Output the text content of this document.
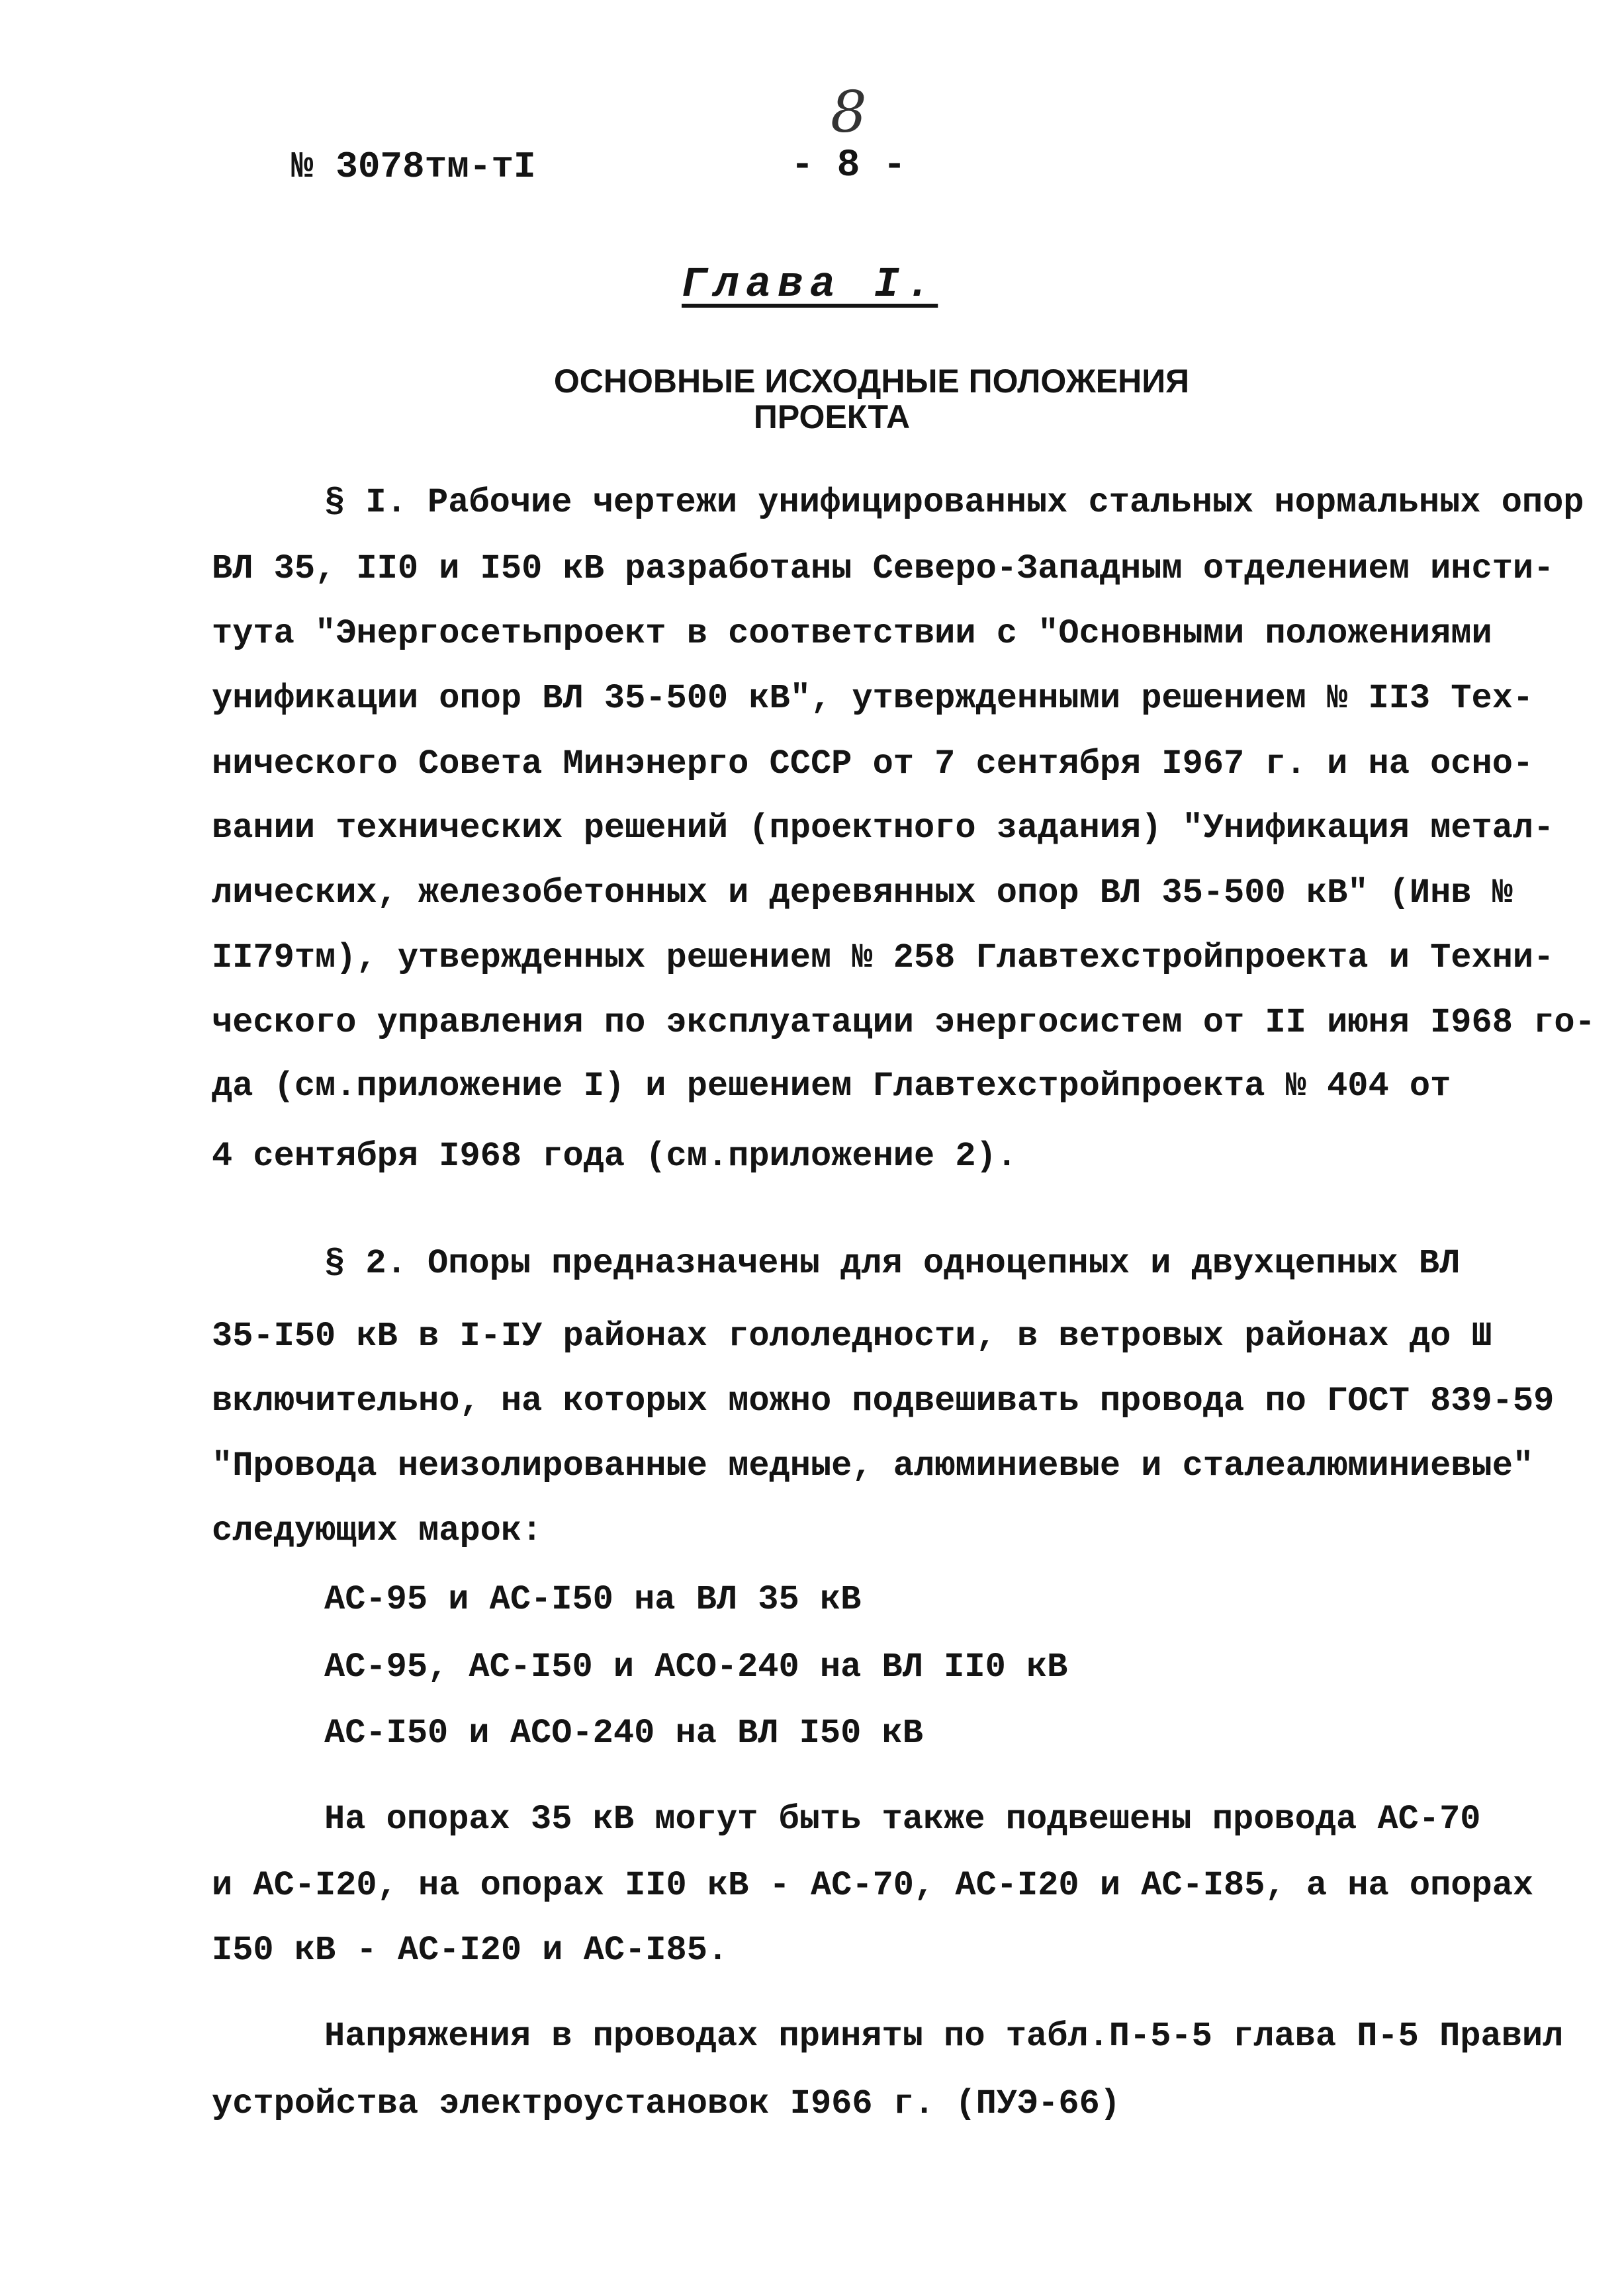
8
№ 3078тм-тI	- 8 -
Глава I.
ОСНОВНЫЕ ИСХОДНЫЕ ПОЛОЖЕНИЯ
ПРОЕКТА
§ I. Рабочие чертежи унифицированных стальных нормальных опор
ВЛ 35, II0 и I50 кВ разработаны Северо-Западным отделением инсти-
тута "Энергосетьпроект в соответствии с "Основными положениями
унификации опор ВЛ 35-500 кВ", утвержденными решением № II3 Тех-
нического Совета Минэнерго СССР от 7 сентября I967 г. и на осно-
вании технических решений (проектного задания) "Унификация метал-
лических, железобетонных и деревянных опор ВЛ 35-500 кВ" (Инв №
II79тм), утвержденных решением № 258 Главтехстройпроекта и Техни-
ческого управления по эксплуатации энергосистем от II июня I968 го-
да (см.приложение I) и решением Главтехстройпроекта № 404 от
4 сентября I968 года (см.приложение 2).
§ 2. Опоры предназначены для одноцепных и двухцепных ВЛ
35-I50 кВ в I-IУ районах гололедности, в ветровых районах до Ш
включительно, на которых можно подвешивать провода по ГОСТ 839-59
"Провода неизолированные медные, алюминиевые и сталеалюминиевые"
следующих марок:
АС-95 и АС-I50 на ВЛ 35 кВ
АС-95, АС-I50 и АСО-240 на ВЛ II0 кВ
АС-I50 и АСО-240 на ВЛ I50 кВ
На опорах 35 кВ могут быть также подвешены провода АС-70
и АС-I20, на опорах II0 кВ - АС-70, АС-I20 и АС-I85, а на опорах
I50 кВ - АС-I20 и АС-I85.
Напряжения в проводах приняты по табл.П-5-5 глава П-5 Правил
устройства электроустановок I966 г. (ПУЭ-66)
